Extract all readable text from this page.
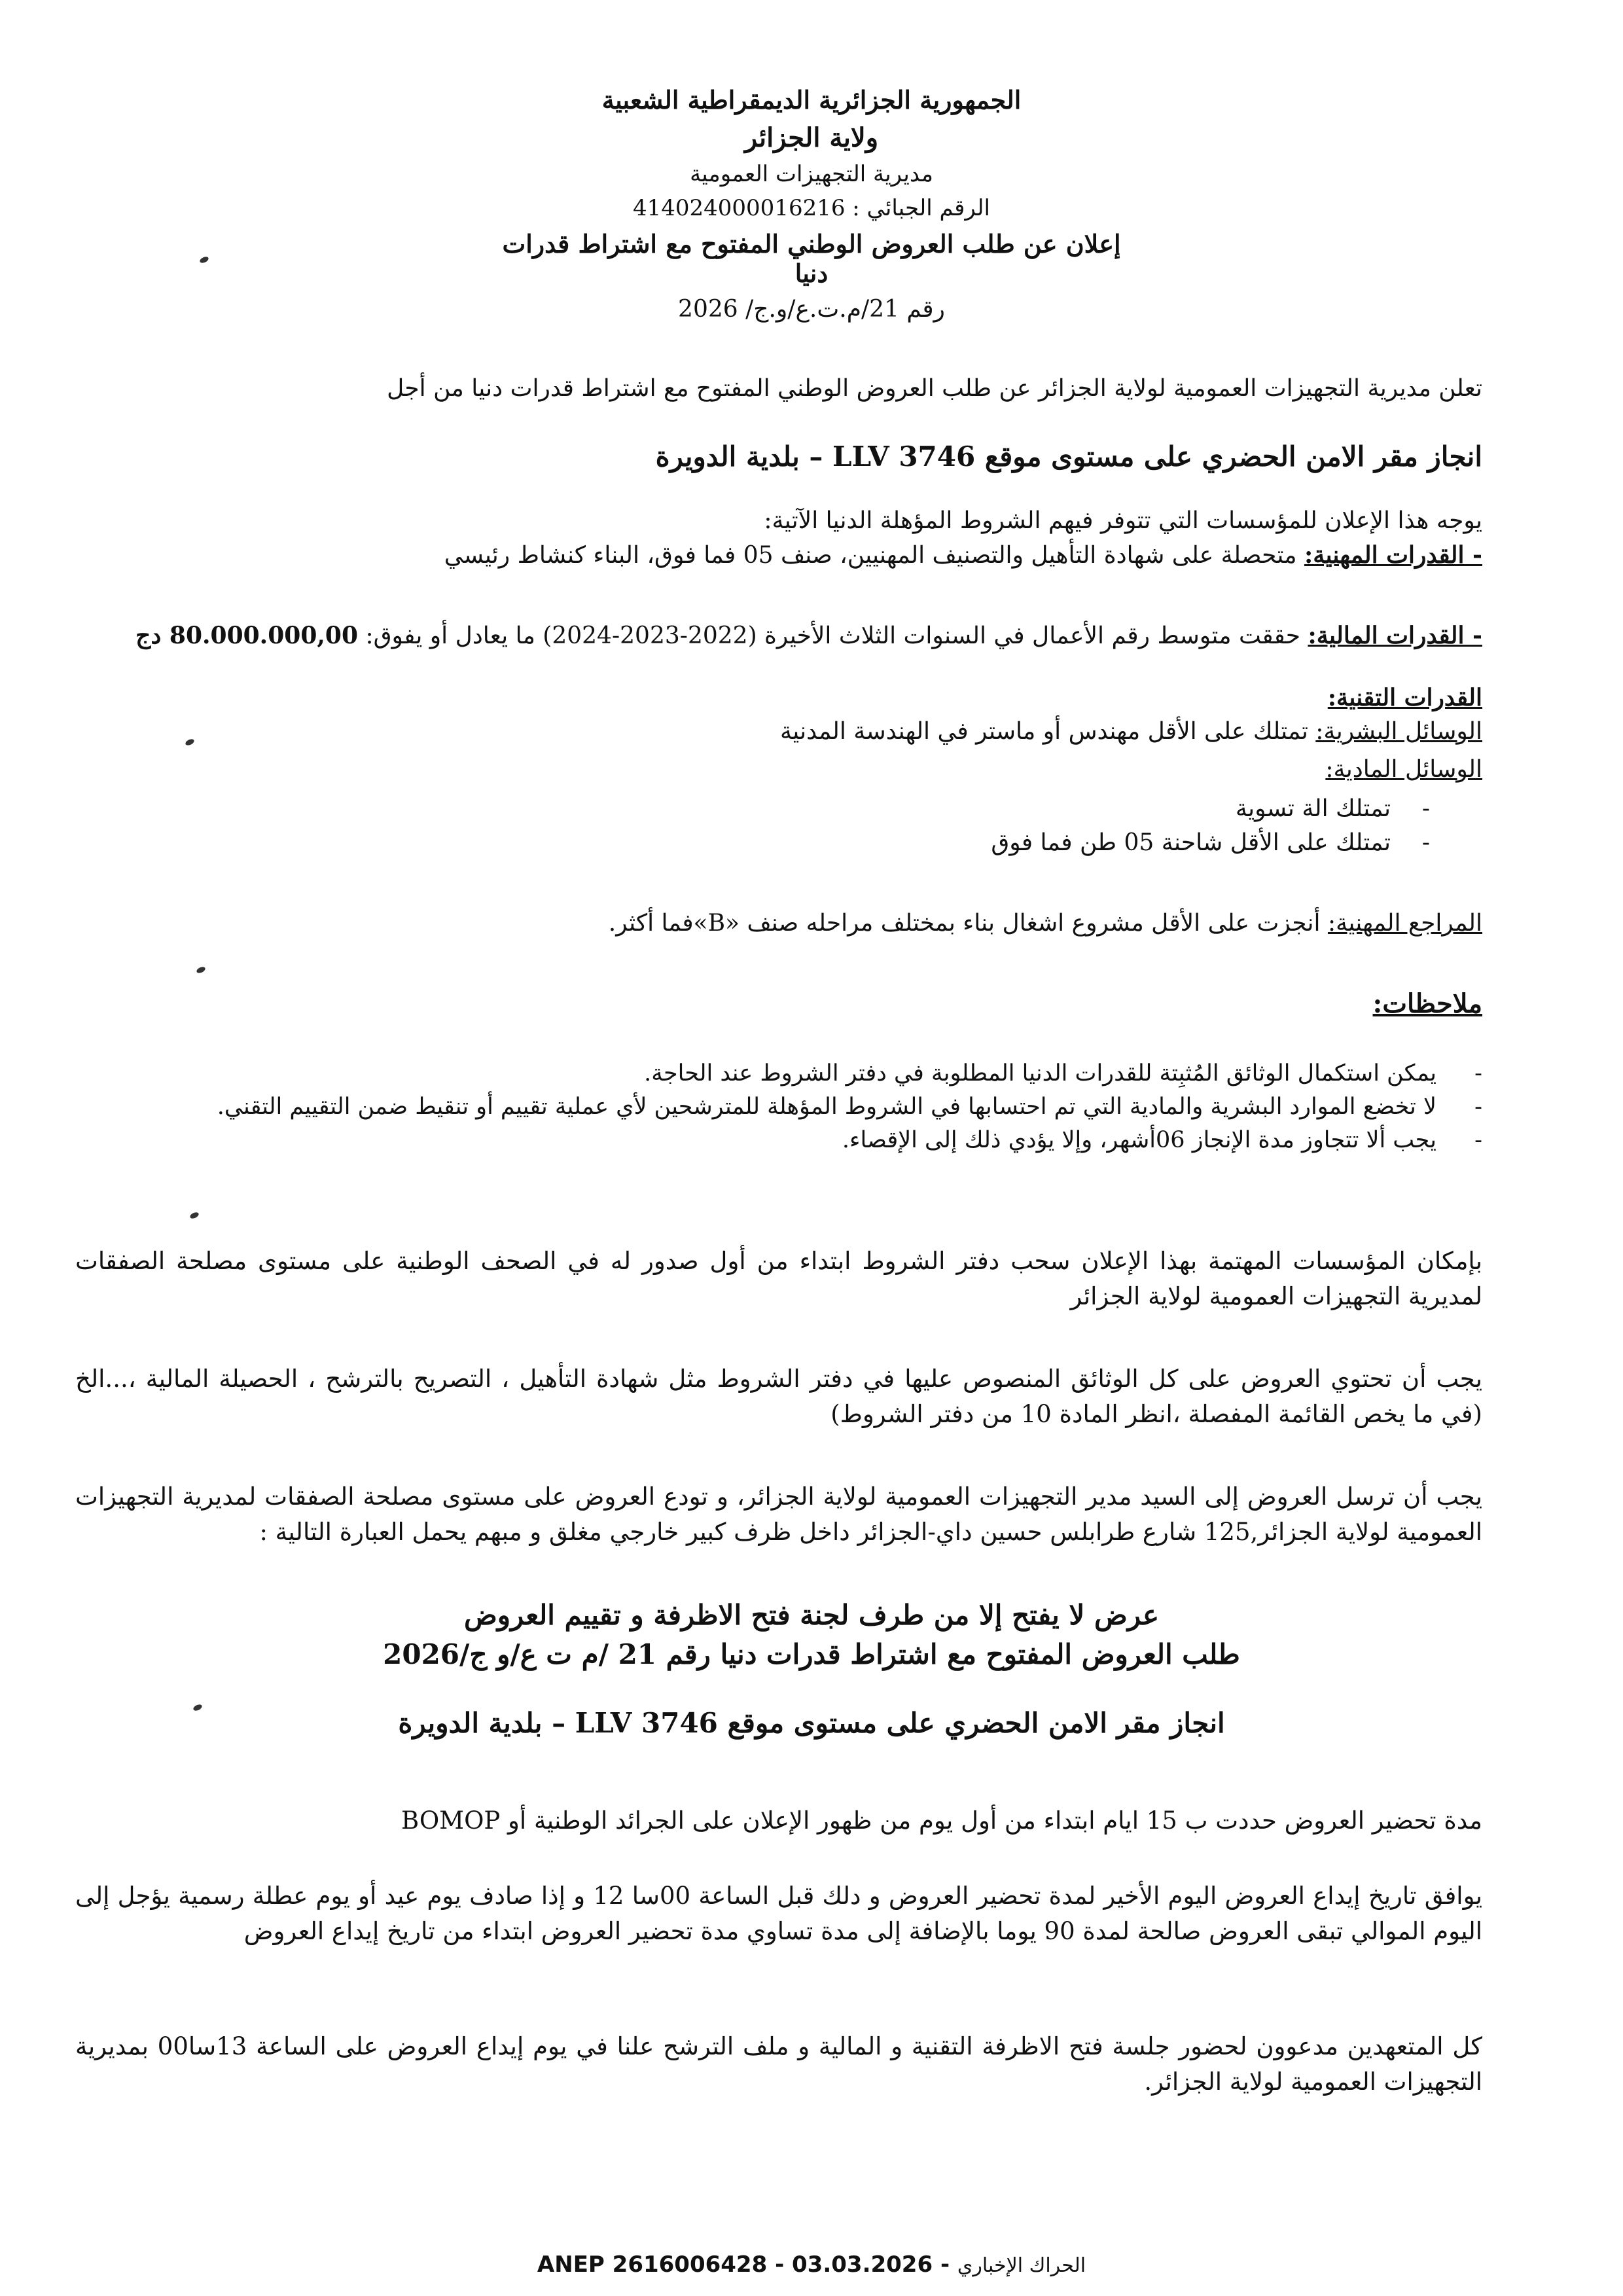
الجمهورية الجزائرية الديمقراطية الشعبية
ولاية الجزائر
مديرية التجهيزات العمومية
الرقم الجبائي : 414024000016216
إعلان عن طلب العروض الوطني المفتوح مع اشتراط قدرات دنيا
رقم 21/م.ت.ع/و.ج/ 2026
تعلن مديرية التجهيزات العمومية لولاية الجزائر عن طلب العروض الوطني المفتوح مع اشتراط قدرات دنيا من أجل
انجاز مقر الامن الحضري على مستوى موقع 3746 LLV – بلدية الدويرة
يوجه هذا الإعلان للمؤسسات التي تتوفر فيهم الشروط المؤهلة الدنيا الآتية:
- القدرات المهنية: متحصلة على شهادة التأهيل والتصنيف المهنيين، صنف 05 فما فوق، البناء كنشاط رئيسي
- القدرات المالية: حققت متوسط رقم الأعمال في السنوات الثلاث الأخيرة (2022-2023-2024) ما يعادل أو يفوق: 80.000.000,00 دج
القدرات التقنية:
الوسائل البشرية: تمتلك على الأقل مهندس أو ماستر في الهندسة المدنية
الوسائل المادية:
- تمتلك الة تسوية
- تمتلك على الأقل شاحنة 05 طن فما فوق
المراجع المهنية: أنجزت على الأقل مشروع اشغال بناء بمختلف مراحله صنف «B»فما أكثر.
ملاحظات:
- يمكن استكمال الوثائق المُثبِتة للقدرات الدنيا المطلوبة في دفتر الشروط عند الحاجة.
- لا تخضع الموارد البشرية والمادية التي تم احتسابها في الشروط المؤهلة للمترشحين لأي عملية تقييم أو تنقيط ضمن التقييم التقني.
- يجب ألا تتجاوز مدة الإنجاز 06أشهر، وإلا يؤدي ذلك إلى الإقصاء.
بإمكان المؤسسات المهتمة بهذا الإعلان سحب دفتر الشروط ابتداء من أول صدور له في الصحف الوطنية على مستوى مصلحة الصفقات لمديرية التجهيزات العمومية لولاية الجزائر
يجب أن تحتوي العروض على كل الوثائق المنصوص عليها في دفتر الشروط مثل شهادة التأهيل ، التصريح بالترشح ، الحصيلة المالية ،...الخ (في ما يخص القائمة المفصلة ،انظر المادة 10 من دفتر الشروط)
يجب أن ترسل العروض إلى السيد مدير التجهيزات العمومية لولاية الجزائر، و تودع العروض على مستوى مصلحة الصفقات لمديرية التجهيزات العمومية لولاية الجزائر,125 شارع طرابلس حسين داي-الجزائر داخل ظرف كبير خارجي مغلق و مبهم يحمل العبارة التالية :
عرض لا يفتح إلا من طرف لجنة فتح الاظرفة و تقييم العروض
طلب العروض المفتوح مع اشتراط قدرات دنيا رقم 21 /م ت ع/و ج/2026
انجاز مقر الامن الحضري على مستوى موقع 3746 LLV – بلدية الدويرة
مدة تحضير العروض حددت ب 15 ايام ابتداء من أول يوم من ظهور الإعلان على الجرائد الوطنية أو BOMOP
يوافق تاريخ إيداع العروض اليوم الأخير لمدة تحضير العروض و دلك قبل الساعة 00سا 12 و إذا صادف يوم عيد أو يوم عطلة رسمية يؤجل إلى اليوم الموالي تبقى العروض صالحة لمدة 90 يوما بالإضافة إلى مدة تساوي مدة تحضير العروض ابتداء من تاريخ إيداع العروض
كل المتعهدين مدعوون لحضور جلسة فتح الاظرفة التقنية و المالية و ملف الترشح علنا في يوم إيداع العروض على الساعة 13سا00 بمديرية التجهيزات العمومية لولاية الجزائر.
ANEP 2616006428 - 03.03.2026 - الحراك الإخباري
